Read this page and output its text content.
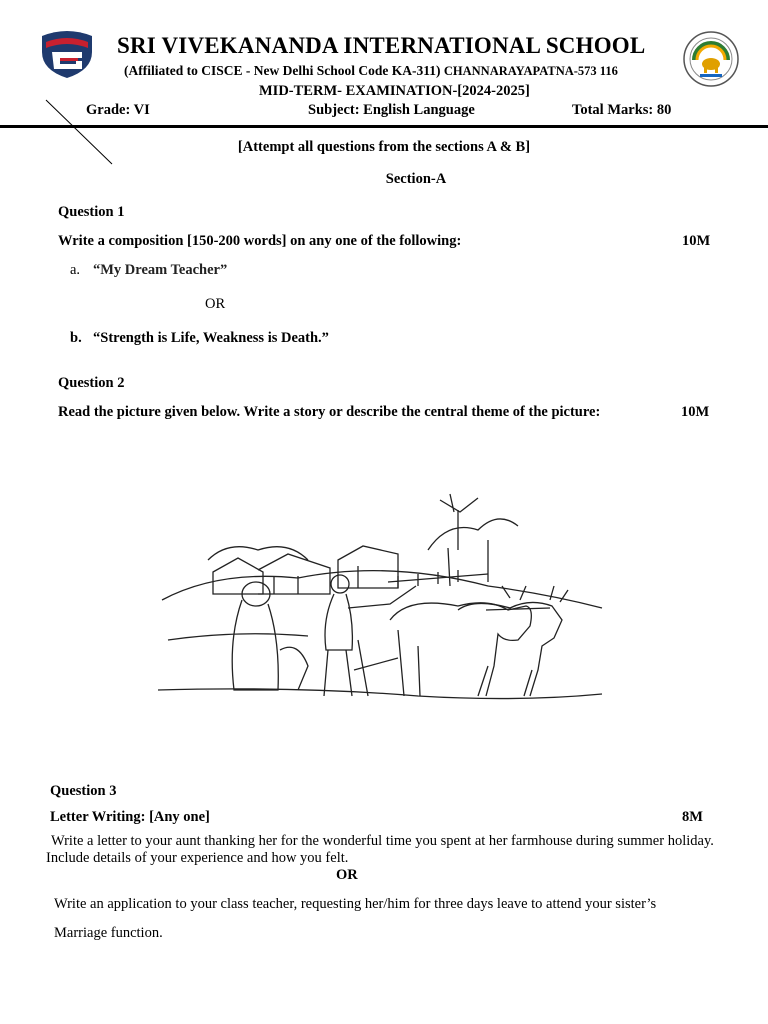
SRI VIVEKANANDA INTERNATIONAL SCHOOL
(Affiliated to CISCE - New Delhi School Code KA-311) CHANNARAYAPATNA-573 116
MID-TERM- EXAMINATION-[2024-2025]
Grade: VI	Subject: English Language	Total Marks: 80
[Attempt all questions from the sections A & B]
Section-A
Question 1
Write a composition [150-200 words] on any one of the following:	10M
a. “My Dream Teacher”
OR
b. “Strength is Life, Weakness is Death.”
Question 2
Read the picture given below. Write a story or describe the central theme of the picture:	10M
Question 3
Letter Writing: [Any one]	8M
Write a letter to your aunt thanking her for the wonderful time you spent at her farmhouse during summer holiday. Include details of your experience and how you felt.
OR
Write an application to your class teacher, requesting her/him for three days leave to attend your sister’s
Marriage function.
